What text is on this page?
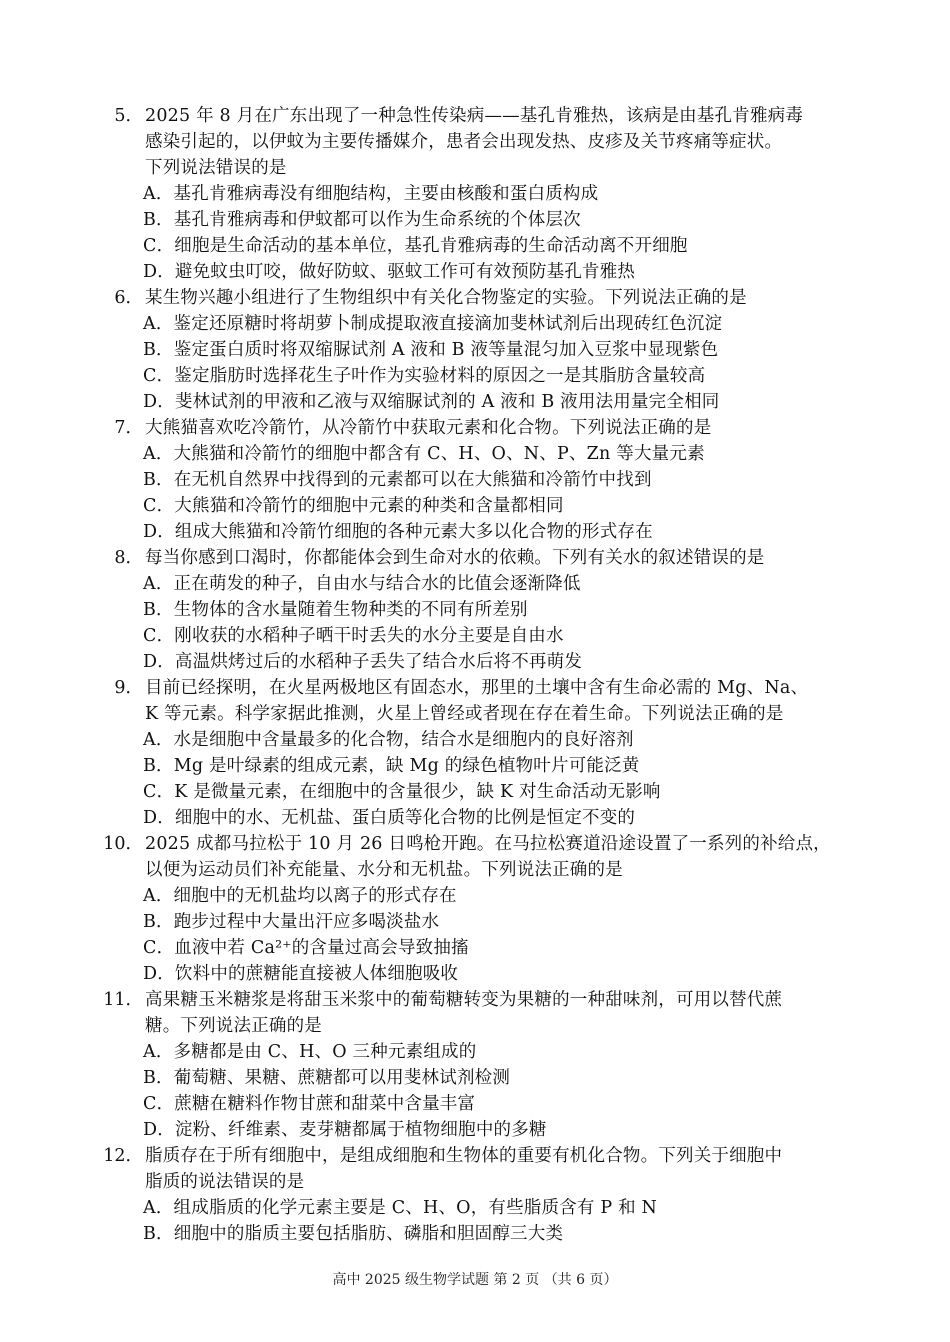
5． 2025 年 8 月在广东出现了一种急性传染病——基孔肯雅热，该病是由基孔肯雅病毒
感染引起的，以伊蚊为主要传播媒介，患者会出现发热、皮疹及关节疼痛等症状。
下列说法错误的是
A．基孔肯雅病毒没有细胞结构，主要由核酸和蛋白质构成
B．基孔肯雅病毒和伊蚊都可以作为生命系统的个体层次
C．细胞是生命活动的基本单位，基孔肯雅病毒的生命活动离不开细胞
D．避免蚊虫叮咬，做好防蚊、驱蚊工作可有效预防基孔肯雅热
6． 某生物兴趣小组进行了生物组织中有关化合物鉴定的实验。下列说法正确的是
A．鉴定还原糖时将胡萝卜制成提取液直接滴加斐林试剂后出现砖红色沉淀
B．鉴定蛋白质时将双缩脲试剂 A 液和 B 液等量混匀加入豆浆中显现紫色
C．鉴定脂肪时选择花生子叶作为实验材料的原因之一是其脂肪含量较高
D．斐林试剂的甲液和乙液与双缩脲试剂的 A 液和 B 液用法用量完全相同
7． 大熊猫喜欢吃冷箭竹，从冷箭竹中获取元素和化合物。下列说法正确的是
A．大熊猫和冷箭竹的细胞中都含有 C、H、O、N、P、Zn 等大量元素
B．在无机自然界中找得到的元素都可以在大熊猫和冷箭竹中找到
C．大熊猫和冷箭竹的细胞中元素的种类和含量都相同
D．组成大熊猫和冷箭竹细胞的各种元素大多以化合物的形式存在
8． 每当你感到口渴时，你都能体会到生命对水的依赖。下列有关水的叙述错误的是
A．正在萌发的种子，自由水与结合水的比值会逐渐降低
B．生物体的含水量随着生物种类的不同有所差别
C．刚收获的水稻种子晒干时丢失的水分主要是自由水
D．高温烘烤过后的水稻种子丢失了结合水后将不再萌发
9． 目前已经探明，在火星两极地区有固态水，那里的土壤中含有生命必需的 Mg、Na、
K 等元素。科学家据此推测，火星上曾经或者现在存在着生命。下列说法正确的是
A．水是细胞中含量最多的化合物，结合水是细胞内的良好溶剂
B．Mg 是叶绿素的组成元素，缺 Mg 的绿色植物叶片可能泛黄
C．K 是微量元素，在细胞中的含量很少，缺 K 对生命活动无影响
D．细胞中的水、无机盐、蛋白质等化合物的比例是恒定不变的
10． 2025 成都马拉松于 10 月 26 日鸣枪开跑。在马拉松赛道沿途设置了一系列的补给点，
以便为运动员们补充能量、水分和无机盐。下列说法正确的是
A．细胞中的无机盐均以离子的形式存在
B．跑步过程中大量出汗应多喝淡盐水
C．血液中若 Ca²⁺的含量过高会导致抽搐
D．饮料中的蔗糖能直接被人体细胞吸收
11． 高果糖玉米糖浆是将甜玉米浆中的葡萄糖转变为果糖的一种甜味剂，可用以替代蔗
糖。下列说法正确的是
A．多糖都是由 C、H、O 三种元素组成的
B．葡萄糖、果糖、蔗糖都可以用斐林试剂检测
C．蔗糖在糖料作物甘蔗和甜菜中含量丰富
D．淀粉、纤维素、麦芽糖都属于植物细胞中的多糖
12． 脂质存在于所有细胞中，是组成细胞和生物体的重要有机化合物。下列关于细胞中
脂质的说法错误的是
A．组成脂质的化学元素主要是 C、H、O，有些脂质含有 P 和 N
B．细胞中的脂质主要包括脂肪、磷脂和胆固醇三大类
高中 2025 级生物学试题 第 2 页 （共 6 页）
